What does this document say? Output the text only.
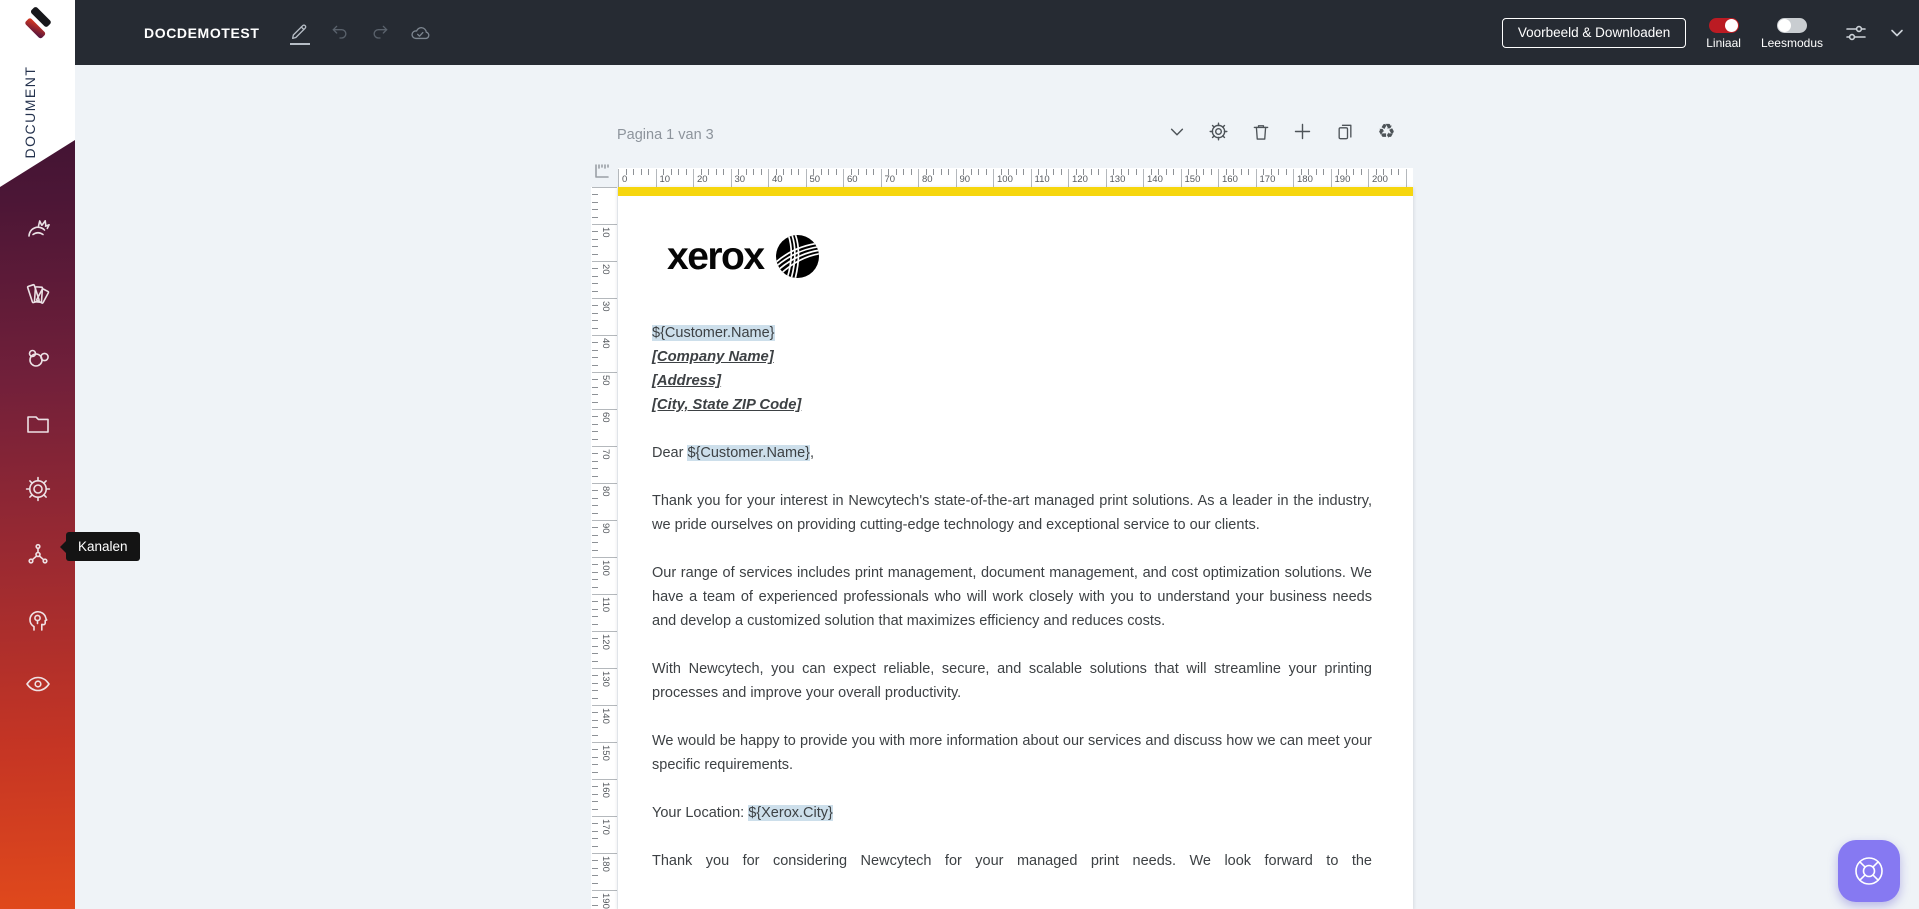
DOCDEMOTEST	Voorbeeld & Downloaden
Liniaal Leesmodus
DOCUMENT
Kanalen
Pagina 1 van 3	♻
0	10	20	30	40	50	60	70	80	90	100 110 120 130 140 150 160 170 180 190 200
10
20
30
40
50
60
70
80
90
100
110
120
130
140
150
160
170
180
190
xerox
${Customer.Name}
[Company Name]
[Address]
[City, State ZIP Code]
Dear ${Customer.Name},
Thank you for your interest in Newcytech's state-of-the-art managed print solutions. As a leader in the industry, we pride ourselves on providing cutting-edge technology and exceptional service to our clients.
Our range of services includes print management, document management, and cost optimization solutions. We have a team of experienced professionals who will work closely with you to understand your business needs and develop a customized solution that maximizes efficiency and reduces costs.
With Newcytech, you can expect reliable, secure, and scalable solutions that will streamline your printing processes and improve your overall productivity.
We would be happy to provide you with more information about our services and discuss how we can meet your specific requirements.
Your Location: ${Xerox.City}
Thank you for considering Newcytech for your managed print needs. We look forward to the
